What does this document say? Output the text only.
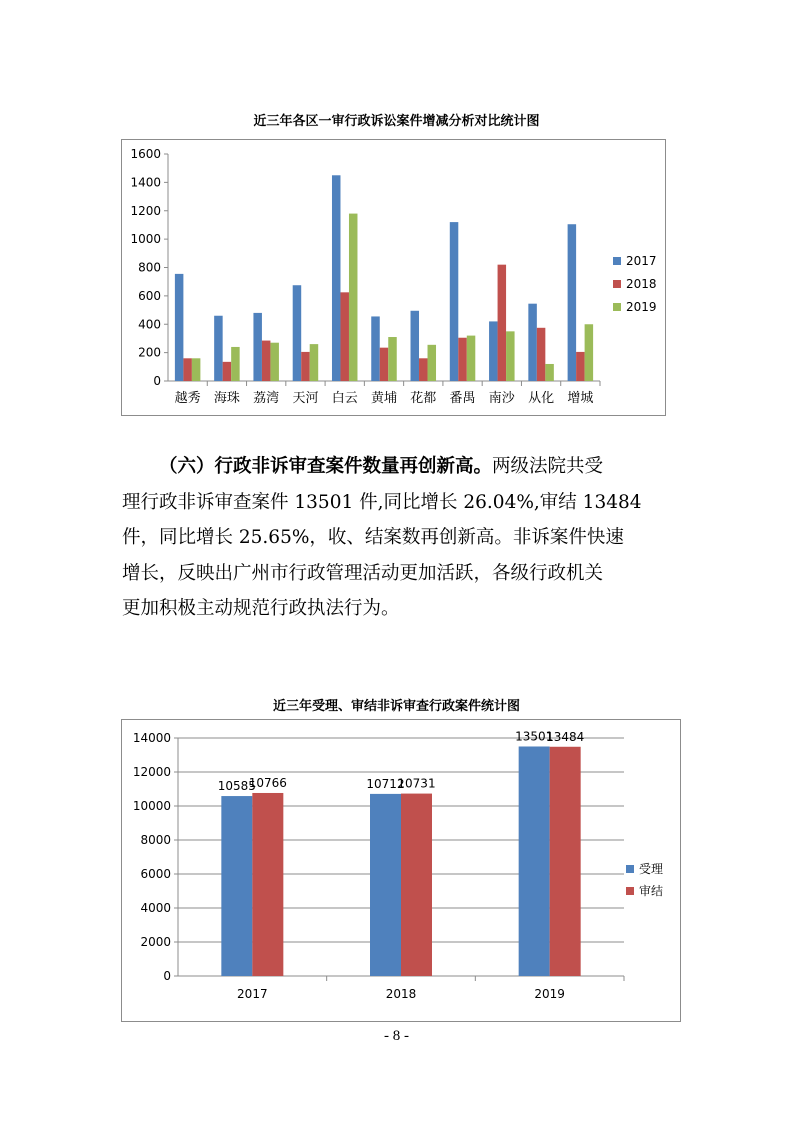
近三年各区一审行政诉讼案件增减分析对比统计图
0
200
400
600
800
1000
1200
1400
1600
越秀 海珠 荔湾 天河 白云 黄埔 花都 番禺 南沙 从化 增城
2017
2018
2019
（六）行政非诉审查案件数量再创新高。两级法院共受
理行政非诉审查案件 13501 件,同比增长 26.04%,审结 13484
件，同比增长 25.65%，收、结案数再创新高。非诉案件快速
增长，反映出广州市行政管理活动更加活跃，各级行政机关
更加积极主动规范行政执法行为。
近三年受理、审结非诉审查行政案件统计图
0
2000
4000
6000
8000
10000
12000
14000
2017
10585
10766
2018
10712
10731
2019
13501
13484
受理
审结
- 8 -
